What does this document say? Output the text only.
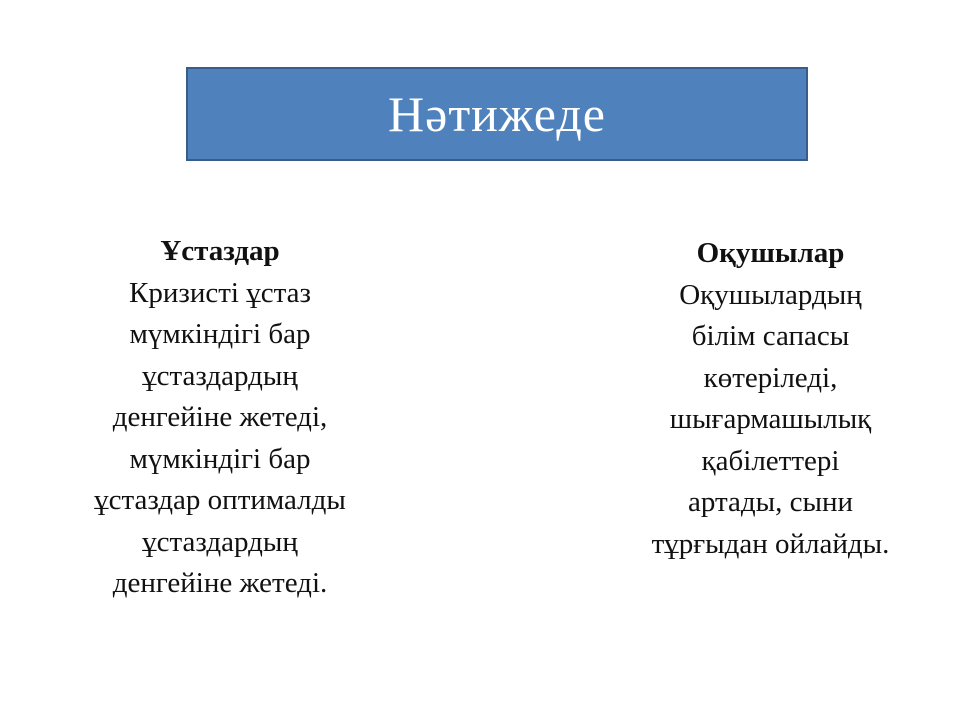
Нәтижеде
Ұстаздар
Кризисті ұстаз
мүмкіндігі бар
ұстаздардың
денгейіне жетеді,
мүмкіндігі бар
ұстаздар оптималды
ұстаздардың
денгейіне жетеді.
Оқушылар
Оқушылардың
білім сапасы
көтеріледі,
шығармашылық
қабілеттері
артады, сыни
тұрғыдан ойлайды.
